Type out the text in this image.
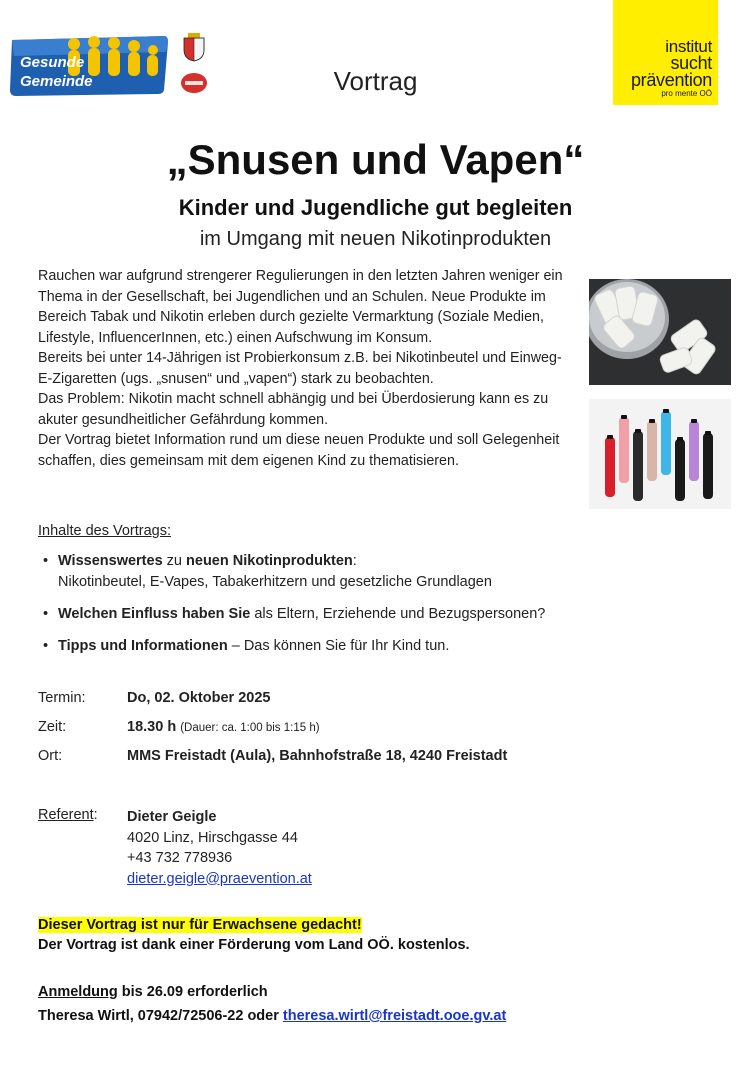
Gesunde
Gemeinde
institut
sucht
prävention
pro mente OÖ
Vortrag
„Snusen und Vapen“
Kinder und Jugendliche gut begleiten
im Umgang mit neuen Nikotinprodukten

Rauchen war aufgrund strengerer Regulierungen in den letzten Jahren weniger ein Thema in der Gesellschaft, bei Jugendlichen und an Schulen. Neue Produkte im Bereich Tabak und Nikotin erleben durch gezielte Vermarktung (Soziale Medien, Lifestyle, InfluencerInnen, etc.) einen Aufschwung im Konsum.

Bereits bei unter 14-Jährigen ist Probierkonsum z.B. bei Nikotinbeutel und Einweg-E-Zigaretten (ugs. „snusen“ und „vapen“) stark zu beobachten.

Das Problem: Nikotin macht schnell abhängig und bei Überdosierung kann es zu akuter gesundheitlicher Gefährdung kommen.

Der Vortrag bietet Information rund um diese neuen Produkte und soll Gelegenheit schaffen, dies gemeinsam mit dem eigenen Kind zu thematisieren.

Inhalte des Vortrags:
• Wissenswertes zu neuen Nikotinprodukten:
Nikotinbeutel, E-Vapes, Tabakerhitzern und gesetzliche Grundlagen
• Welchen Einfluss haben Sie als Eltern, Erziehende und Bezugspersonen?
• Tipps und Informationen – Das können Sie für Ihr Kind tun.
Termin:	Do, 02. Oktober 2025
Zeit:	18.30 h (Dauer: ca. 1:00 bis 1:15 h)
Ort:	MMS Freistadt (Aula), Bahnhofstraße 18, 4240 Freistadt
Referent: Dieter Geigle
4020 Linz, Hirschgasse 44
+43 732 778936
dieter.geigle@praevention.at
Dieser Vortrag ist nur für Erwachsene gedacht!
Der Vortrag ist dank einer Förderung vom Land OÖ. kostenlos.
Anmeldung bis 26.09 erforderlich
Theresa Wirtl, 07942/72506-22 oder theresa.wirtl@freistadt.ooe.gv.at
